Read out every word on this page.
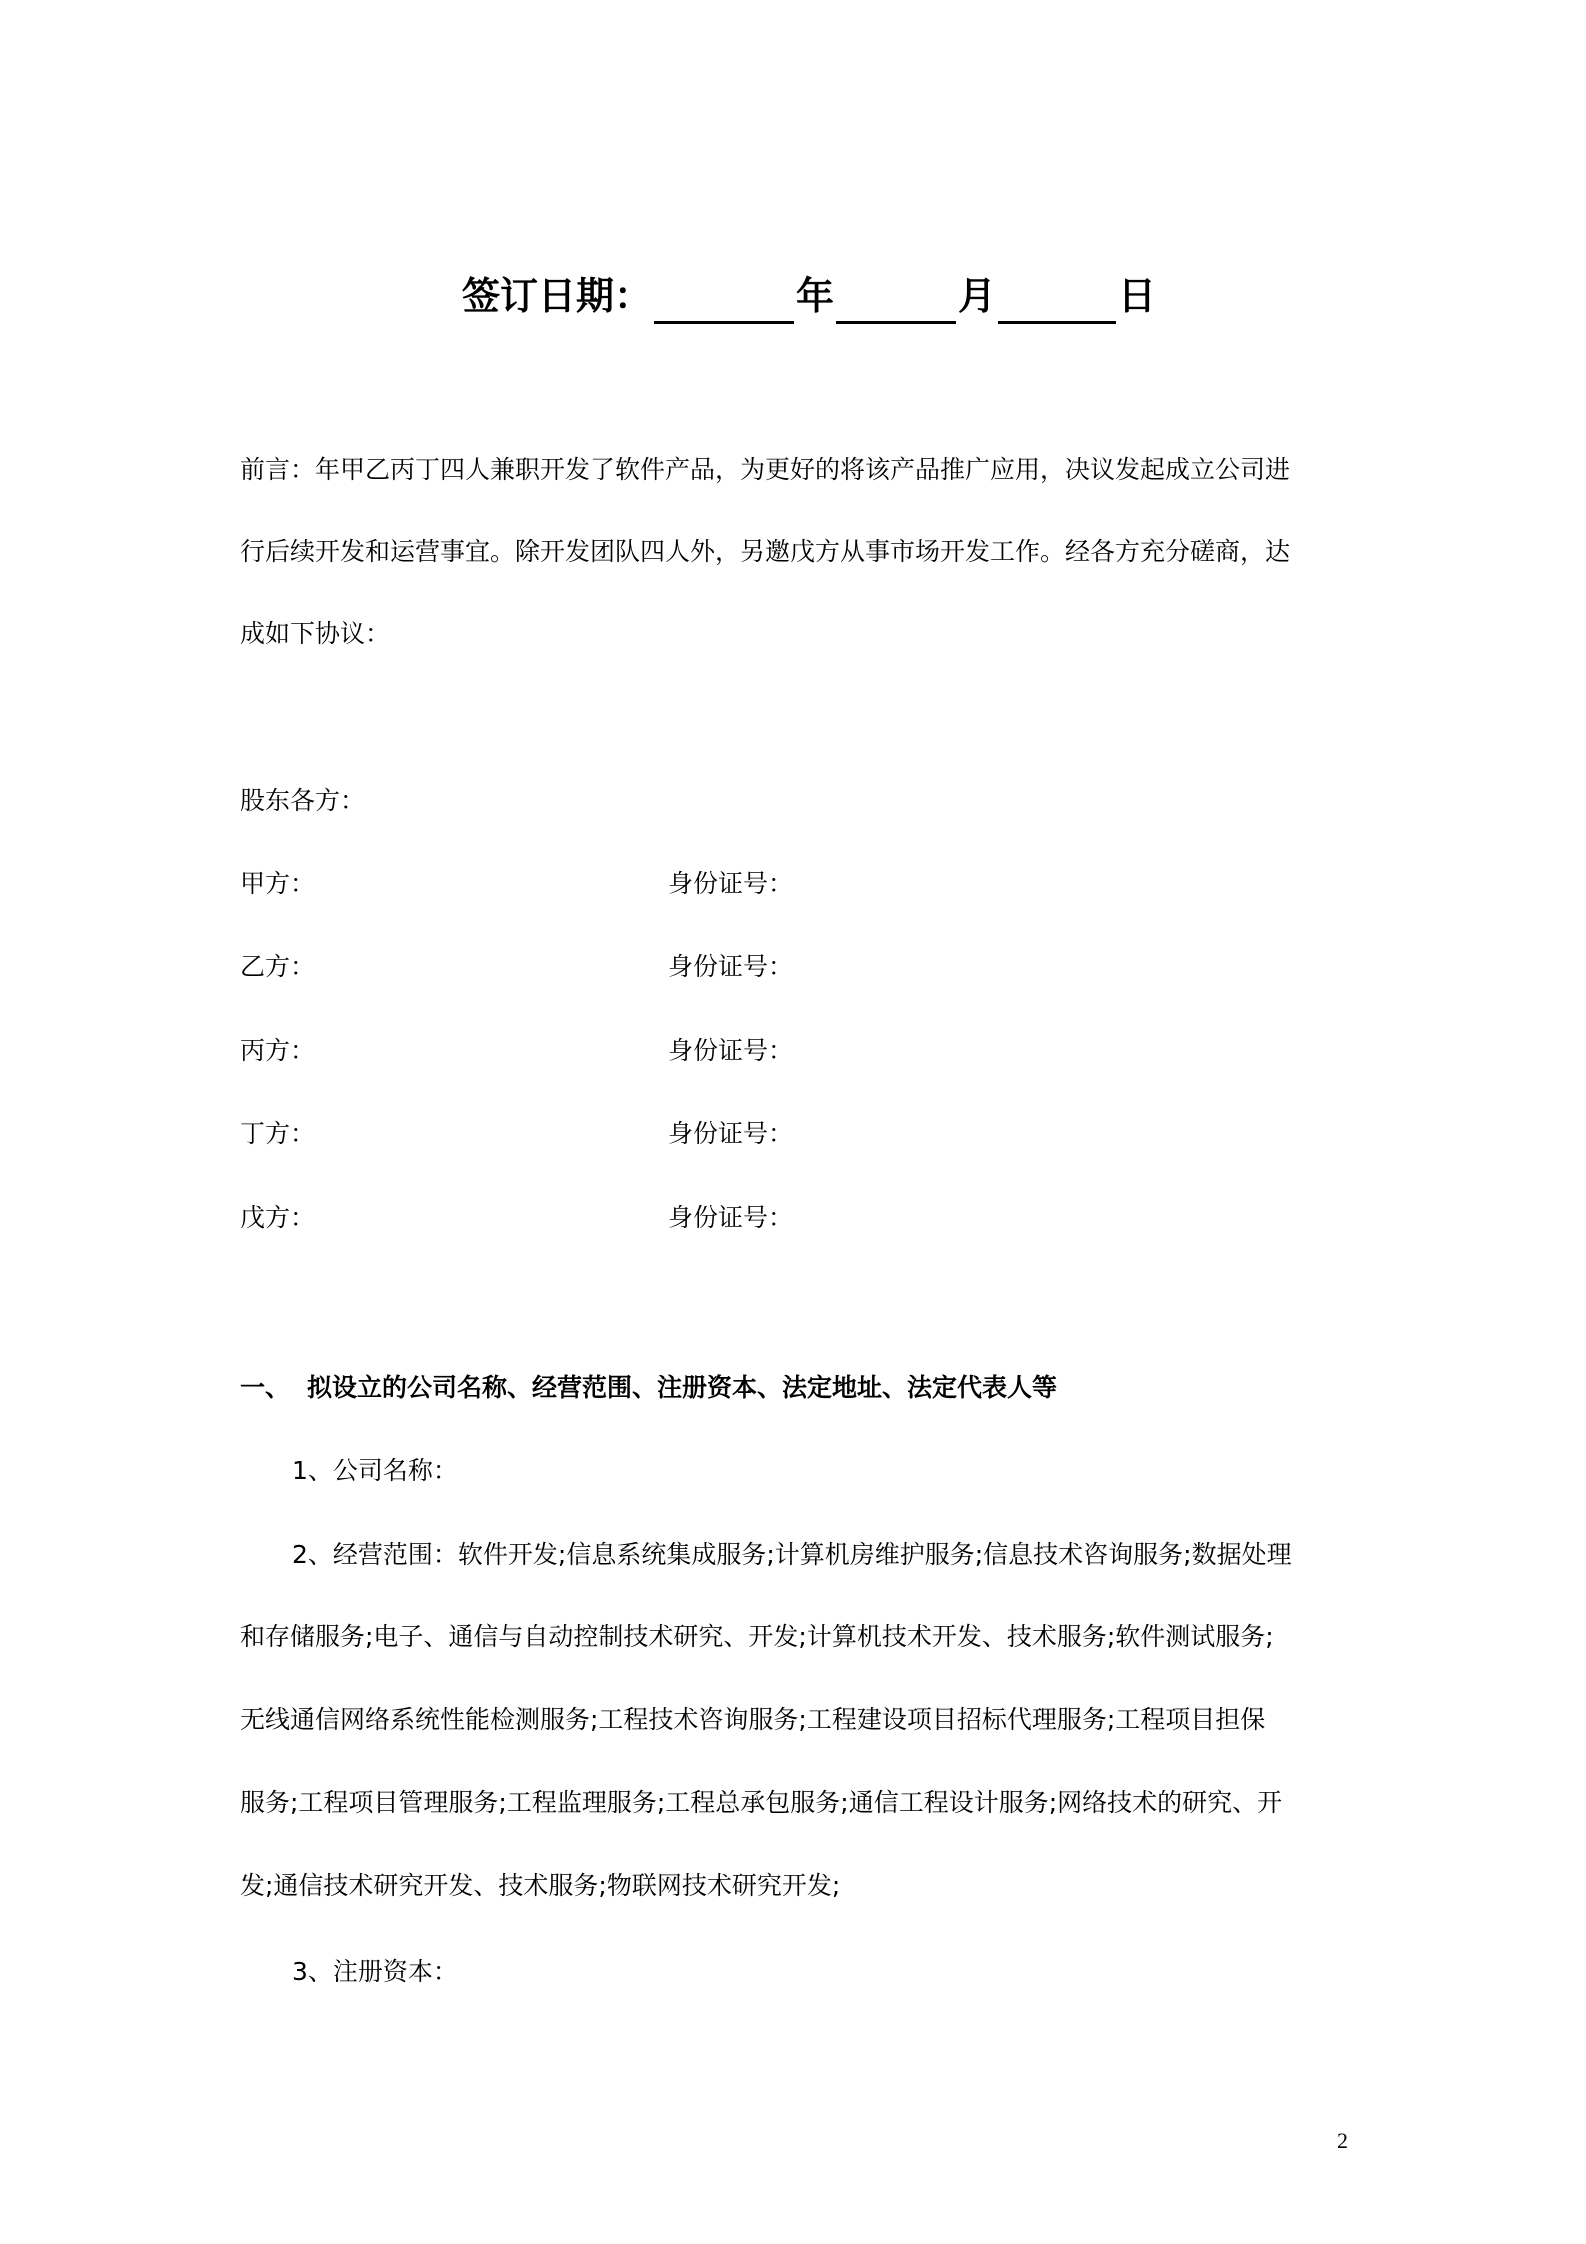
签订日期：	年	月	日
前言：年甲乙丙丁四人兼职开发了软件产品，为更好的将该产品推广应用，决议发起成立公司进
行后续开发和运营事宜。除开发团队四人外，另邀戊方从事市场开发工作。经各方充分磋商，达
成如下协议：
股东各方：
甲方：	身份证号：
乙方：	身份证号：
丙方：	身份证号：
丁方：	身份证号：
戊方：	身份证号：
一、 拟设立的公司名称、经营范围、注册资本、法定地址、法定代表人等
1、公司名称：
2、经营范围：软件开发;信息系统集成服务;计算机房维护服务;信息技术咨询服务;数据处理
和存储服务;电子、通信与自动控制技术研究、开发;计算机技术开发、技术服务;软件测试服务;
无线通信网络系统性能检测服务;工程技术咨询服务;工程建设项目招标代理服务;工程项目担保
服务;工程项目管理服务;工程监理服务;工程总承包服务;通信工程设计服务;网络技术的研究、开
发;通信技术研究开发、技术服务;物联网技术研究开发;
3、注册资本：
2
